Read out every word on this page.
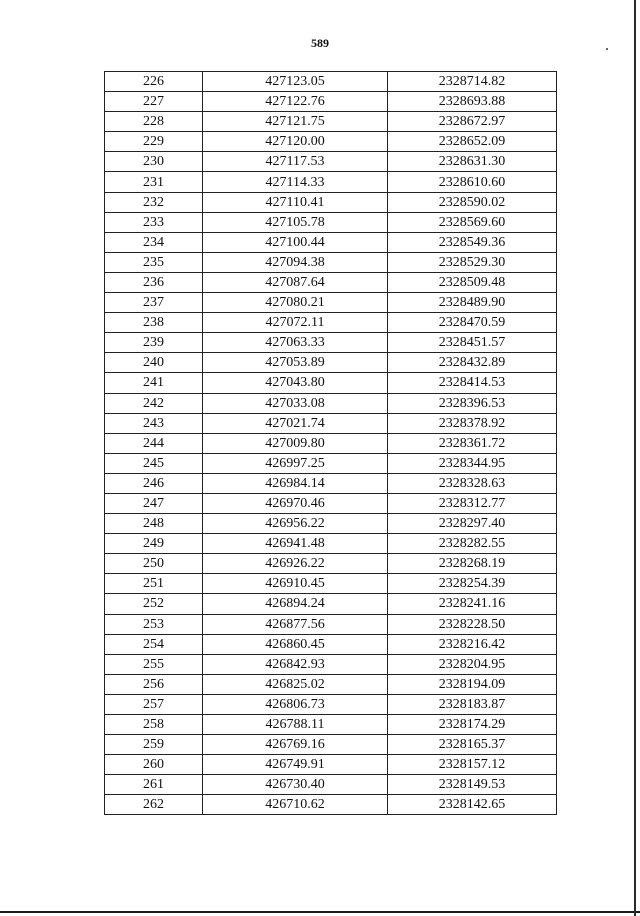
589
226	427123.05	2328714.82
227	427122.76	2328693.88
228	427121.75	2328672.97
229	427120.00	2328652.09
230	427117.53	2328631.30
231	427114.33	2328610.60
232	427110.41	2328590.02
233	427105.78	2328569.60
234	427100.44	2328549.36
235	427094.38	2328529.30
236	427087.64	2328509.48
237	427080.21	2328489.90
238	427072.11	2328470.59
239	427063.33	2328451.57
240	427053.89	2328432.89
241	427043.80	2328414.53
242	427033.08	2328396.53
243	427021.74	2328378.92
244	427009.80	2328361.72
245	426997.25	2328344.95
246	426984.14	2328328.63
247	426970.46	2328312.77
248	426956.22	2328297.40
249	426941.48	2328282.55
250	426926.22	2328268.19
251	426910.45	2328254.39
252	426894.24	2328241.16
253	426877.56	2328228.50
254	426860.45	2328216.42
255	426842.93	2328204.95
256	426825.02	2328194.09
257	426806.73	2328183.87
258	426788.11	2328174.29
259	426769.16	2328165.37
260	426749.91	2328157.12
261	426730.40	2328149.53
262	426710.62	2328142.65
